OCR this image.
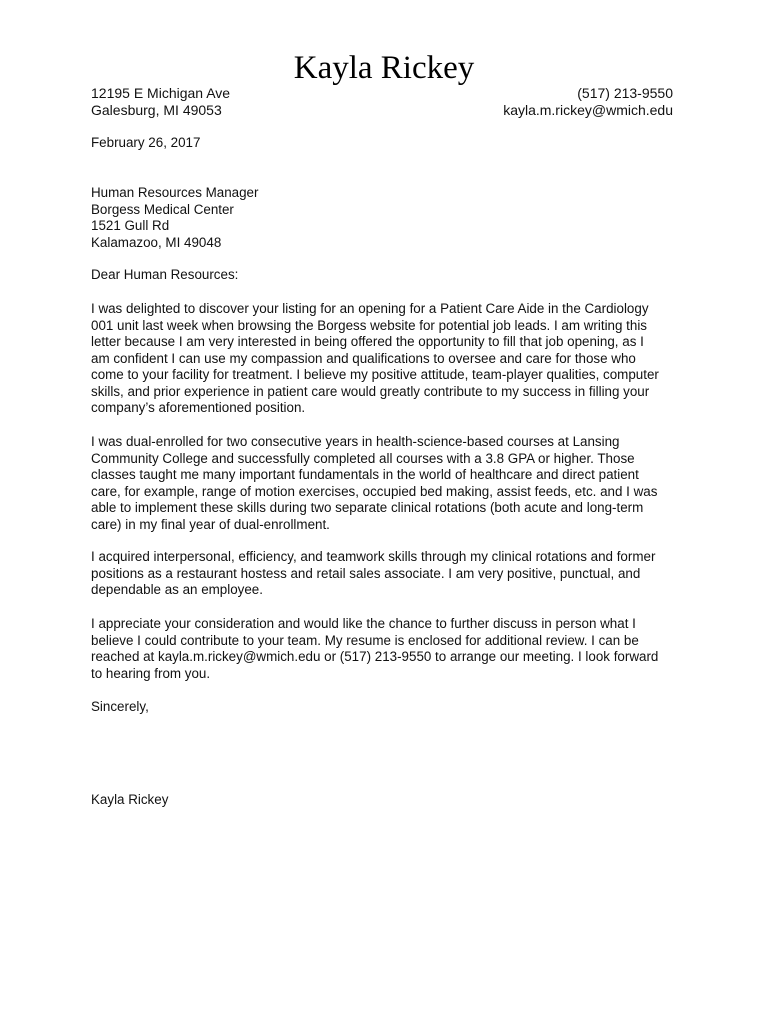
Kayla Rickey
12195 E Michigan Ave	(517) 213-9550
Galesburg, MI 49053	kayla.m.rickey@wmich.edu
February 26, 2017
Human Resources Manager
Borgess Medical Center
1521 Gull Rd
Kalamazoo, MI 49048
Dear Human Resources:
I was delighted to discover your listing for an opening for a Patient Care Aide in the Cardiology
001 unit last week when browsing the Borgess website for potential job leads. I am writing this
letter because I am very interested in being offered the opportunity to fill that job opening, as I
am confident I can use my compassion and qualifications to oversee and care for those who
come to your facility for treatment. I believe my positive attitude, team-player qualities, computer
skills, and prior experience in patient care would greatly contribute to my success in filling your
company’s aforementioned position.
I was dual-enrolled for two consecutive years in health-science-based courses at Lansing
Community College and successfully completed all courses with a 3.8 GPA or higher. Those
classes taught me many important fundamentals in the world of healthcare and direct patient
care, for example, range of motion exercises, occupied bed making, assist feeds, etc. and I was
able to implement these skills during two separate clinical rotations (both acute and long-term
care) in my final year of dual-enrollment.
I acquired interpersonal, efficiency, and teamwork skills through my clinical rotations and former
positions as a restaurant hostess and retail sales associate. I am very positive, punctual, and
dependable as an employee.
I appreciate your consideration and would like the chance to further discuss in person what I
believe I could contribute to your team. My resume is enclosed for additional review. I can be
reached at kayla.m.rickey@wmich.edu or (517) 213-9550 to arrange our meeting. I look forward
to hearing from you.
Sincerely,
Kayla Rickey
